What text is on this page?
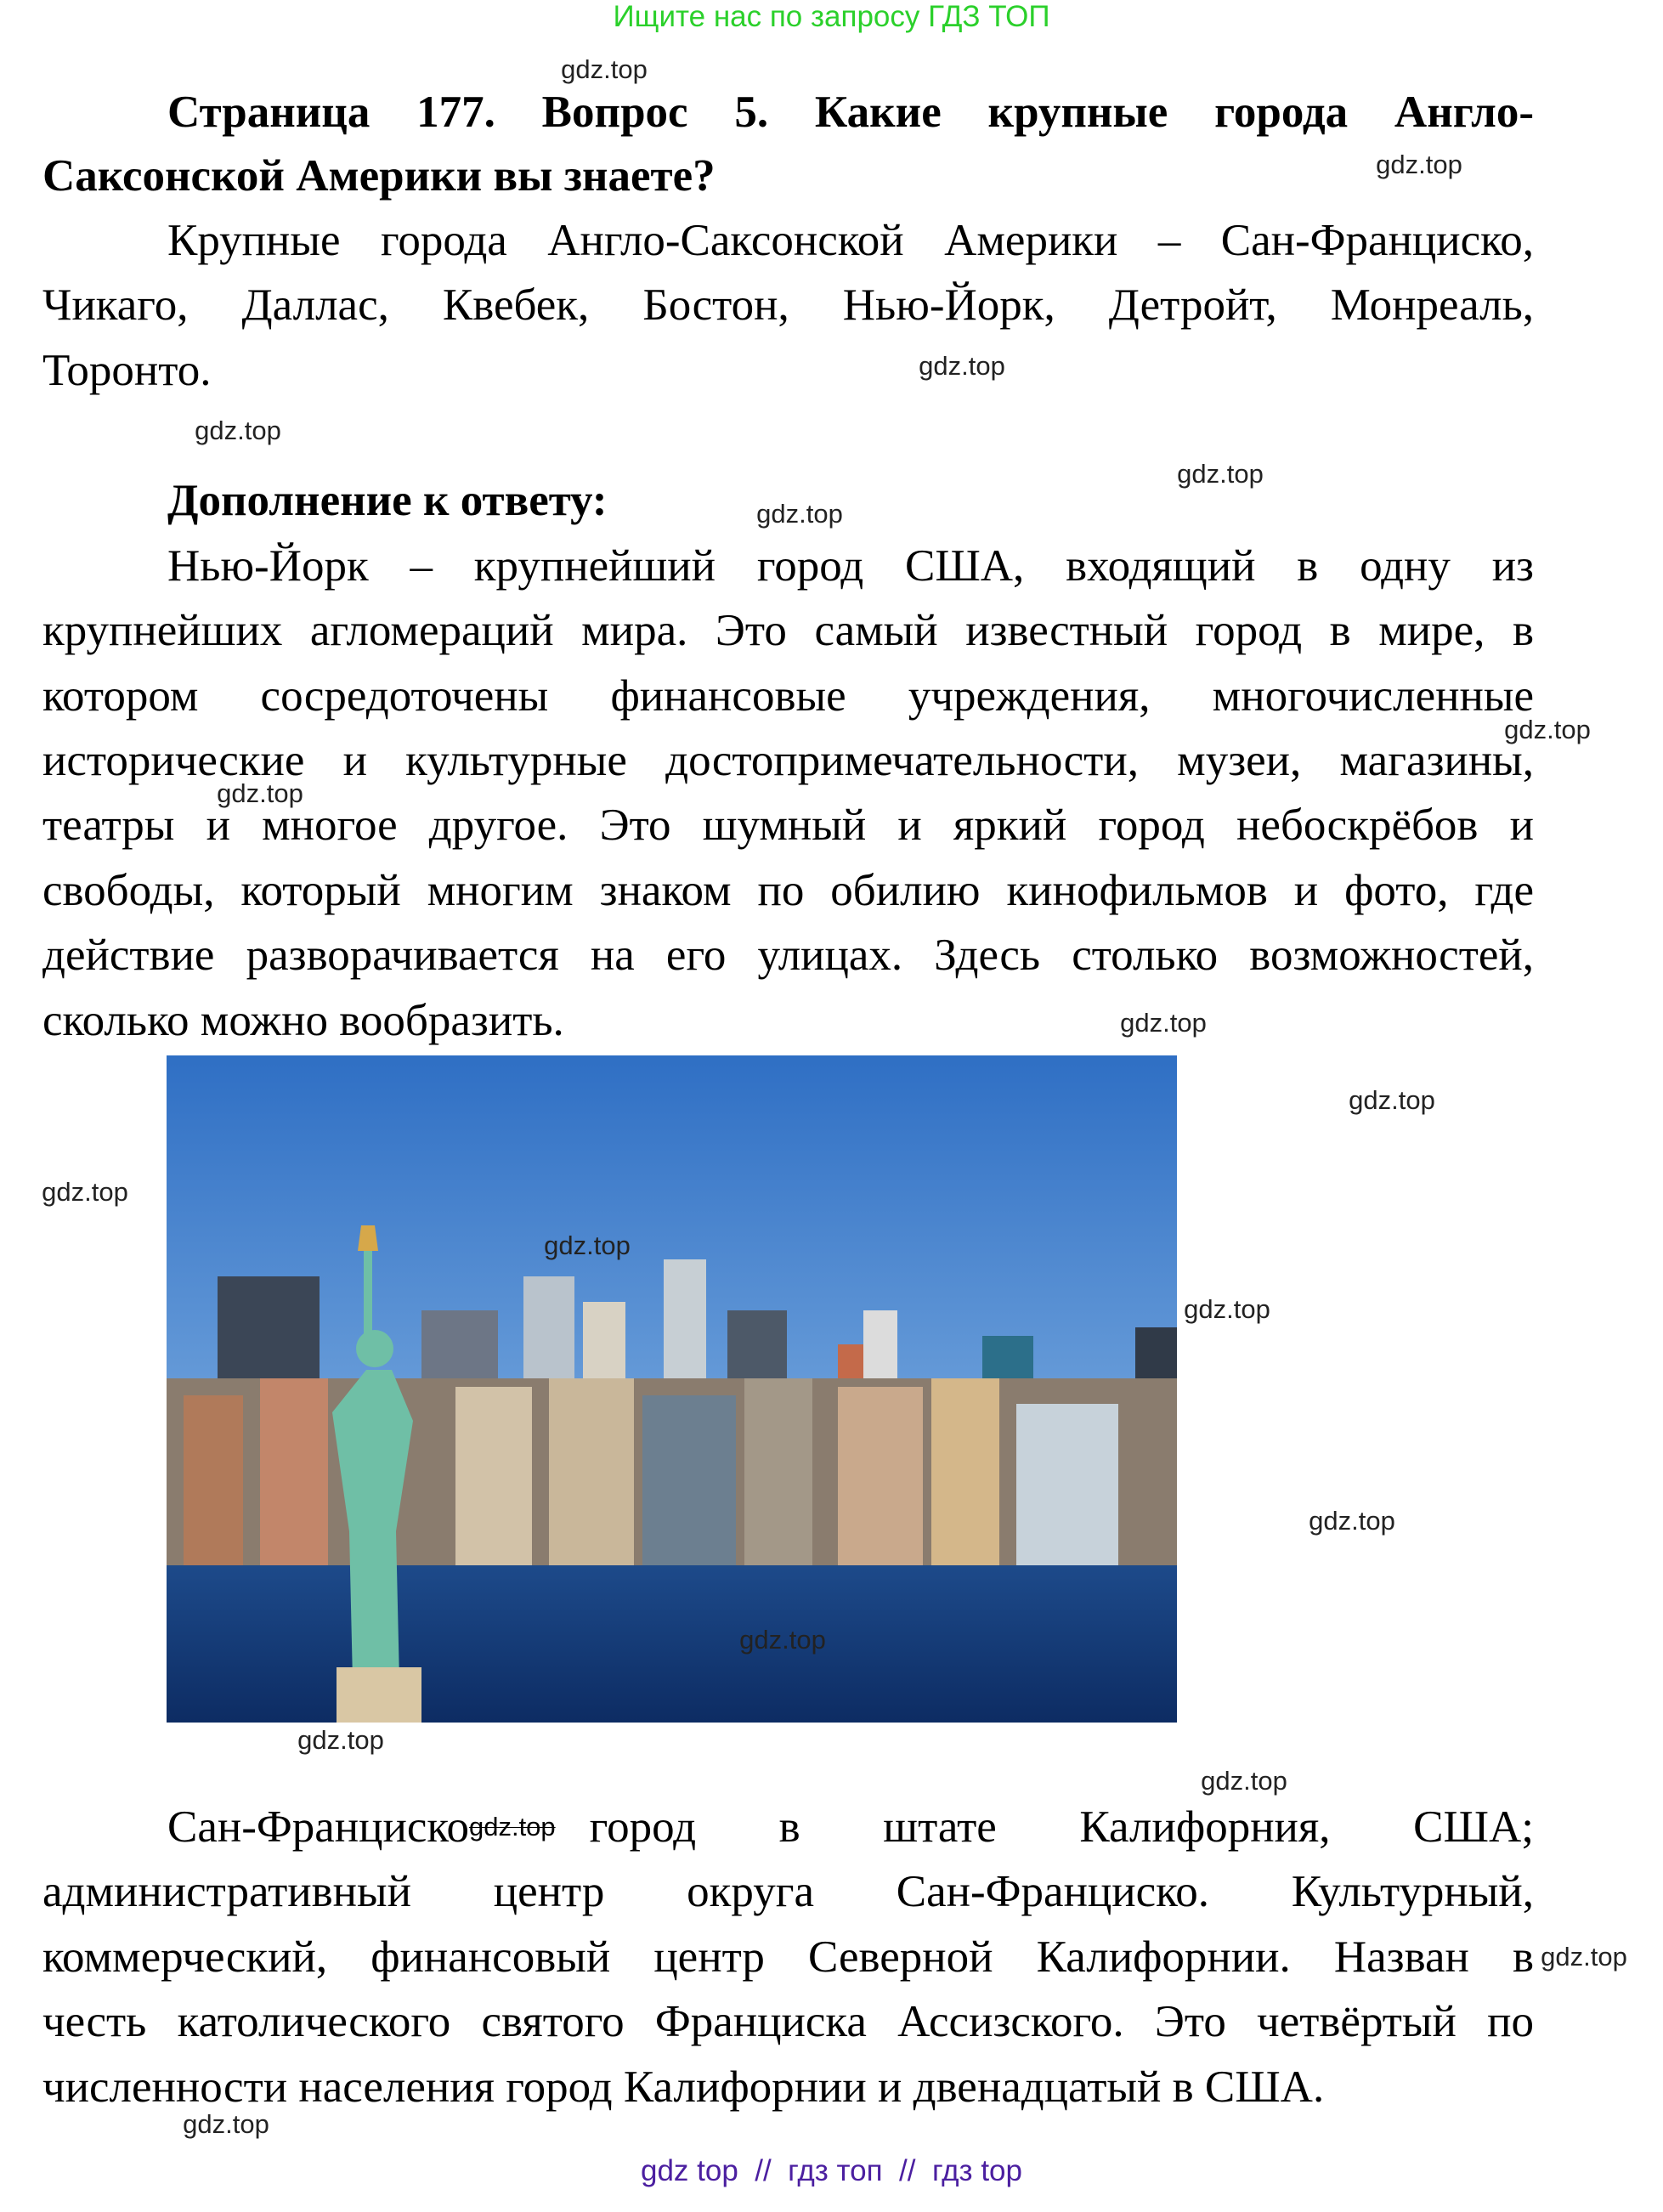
Ищите нас по запросу ГДЗ ТОП
Страница 177. Вопрос 5. Какие крупные города Англо-
Саксонской Америки вы знаете?
Крупные города Англо-Саксонской Америки – Сан-Франциско,
Чикаго, Даллас, Квебек, Бостон, Нью-Йорк, Детройт, Монреаль,
Торонто.
Дополнение к ответу:
Нью-Йорк – крупнейший город США, входящий в одну из
крупнейших агломераций мира. Это самый известный город в мире, в
котором сосредоточены финансовые учреждения, многочисленные
исторические и культурные достопримечательности, музеи, магазины,
театры и многое другое. Это шумный и яркий город небоскрёбов и
свободы, который многим знаком по обилию кинофильмов и фото, где
действие разворачивается на его улицах. Здесь столько возможностей,
сколько можно вообразить.
Сан-Франциско gdz.top город в штате Калифорния, США;
административный центр округа Сан-Франциско. Культурный,
коммерческий, финансовый центр Северной Калифорнии. Назван в
честь католического святого Франциска Ассизского. Это четвёртый по
численности населения город Калифорнии и двенадцатый в США.
gdz.top
gdz.top
gdz.top
gdz.top
gdz.top
gdz.top
gdz.top
gdz.top
gdz.top
gdz.top
gdz.top
gdz.top
gdz.top
gdz.top
gdz.top
gdz.top
gdz.top
gdz.top
gdz.top
gdz top  //  гдз топ  //  гдз top
